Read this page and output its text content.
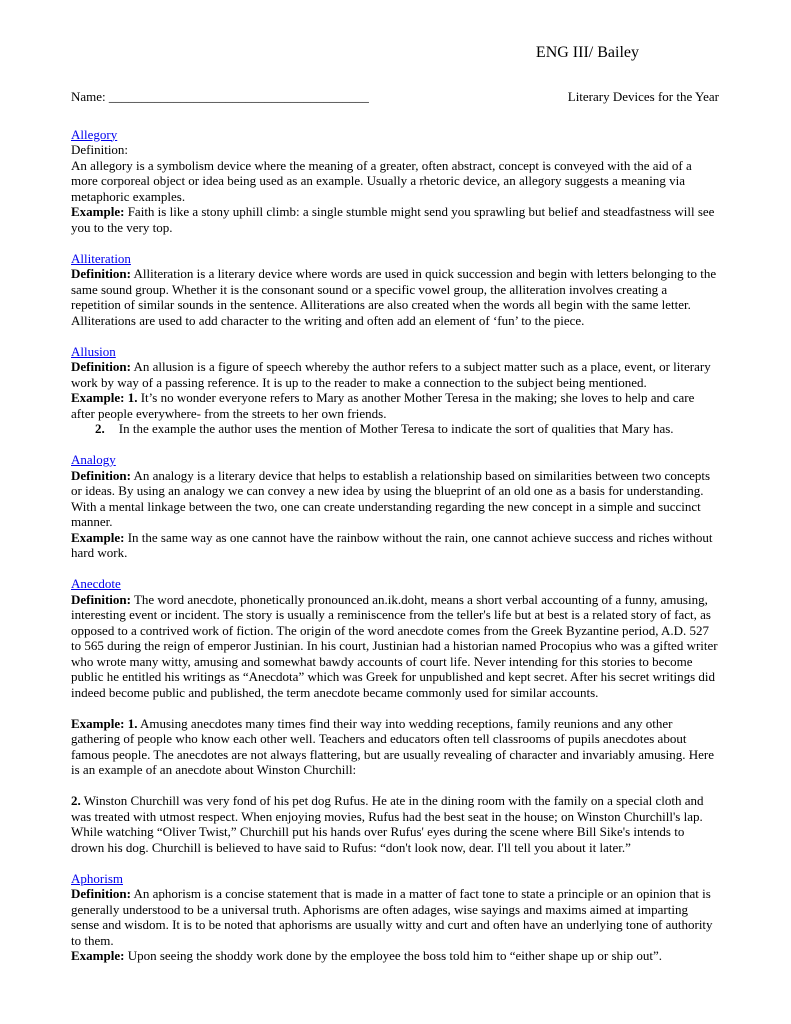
ENG III/ Bailey
Name: ________________________________________	Literary Devices for the Year
Allegory

Definition:
An allegory is a symbolism device where the meaning of a greater, often abstract, concept is conveyed with the aid of a more corporeal object or idea being used as an example. Usually a rhetoric device, an allegory suggests a meaning via metaphoric examples.

Example: Faith is like a stony uphill climb: a single stumble might send you sprawling but belief and steadfastness will see you to the very top.

Alliteration

Definition: Alliteration is a literary device where words are used in quick succession and begin with letters belonging to the same sound group. Whether it is the consonant sound or a specific vowel group, the alliteration involves creating a repetition of similar sounds in the sentence. Alliterations are also created when the words all begin with the same letter. Alliterations are used to add character to the writing and often add an element of ‘fun’ to the piece.

Allusion

Definition: An allusion is a figure of speech whereby the author refers to a subject matter such as a place, event, or literary work by way of a passing reference. It is up to the reader to make a connection to the subject being mentioned.

Example: 1. It’s no wonder everyone refers to Mary as another Mother Teresa in the making; she loves to help and care after people everywhere- from the streets to her own friends.

2. In the example the author uses the mention of Mother Teresa to indicate the sort of qualities that Mary has.

Analogy

Definition: An analogy is a literary device that helps to establish a relationship based on similarities between two concepts or ideas. By using an analogy we can convey a new idea by using the blueprint of an old one as a basis for understanding. With a mental linkage between the two, one can create understanding regarding the new concept in a simple and succinct manner.

Example: In the same way as one cannot have the rainbow without the rain, one cannot achieve success and riches without hard work.

Anecdote

Definition: The word anecdote, phonetically pronounced an.ik.doht, means a short verbal accounting of a funny, amusing, interesting event or incident. The story is usually a reminiscence from the teller's life but at best is a related story of fact, as opposed to a contrived work of fiction. The origin of the word anecdote comes from the Greek Byzantine period, A.D. 527 to 565 during the reign of emperor Justinian. In his court, Justinian had a historian named Procopius who was a gifted writer who wrote many witty, amusing and somewhat bawdy accounts of court life. Never intending for this stories to become public he entitled his writings as “Anecdota” which was Greek for unpublished and kept secret. After his secret writings did indeed become public and published, the term anecdote became commonly used for similar accounts.

Example: 1. Amusing anecdotes many times find their way into wedding receptions, family reunions and any other gathering of people who know each other well. Teachers and educators often tell classrooms of pupils anecdotes about famous people. The anecdotes are not always flattering, but are usually revealing of character and invariably amusing. Here is an example of an anecdote about Winston Churchill:

2. Winston Churchill was very fond of his pet dog Rufus. He ate in the dining room with the family on a special cloth and was treated with utmost respect. When enjoying movies, Rufus had the best seat in the house; on Winston Churchill's lap. While watching “Oliver Twist,” Churchill put his hands over Rufus' eyes during the scene where Bill Sike's intends to drown his dog. Churchill is believed to have said to Rufus: “don't look now, dear. I'll tell you about it later.”

Aphorism

Definition: An aphorism is a concise statement that is made in a matter of fact tone to state a principle or an opinion that is generally understood to be a universal truth. Aphorisms are often adages, wise sayings and maxims aimed at imparting sense and wisdom. It is to be noted that aphorisms are usually witty and curt and often have an underlying tone of authority to them.

Example: Upon seeing the shoddy work done by the employee the boss told him to “either shape up or ship out”.
